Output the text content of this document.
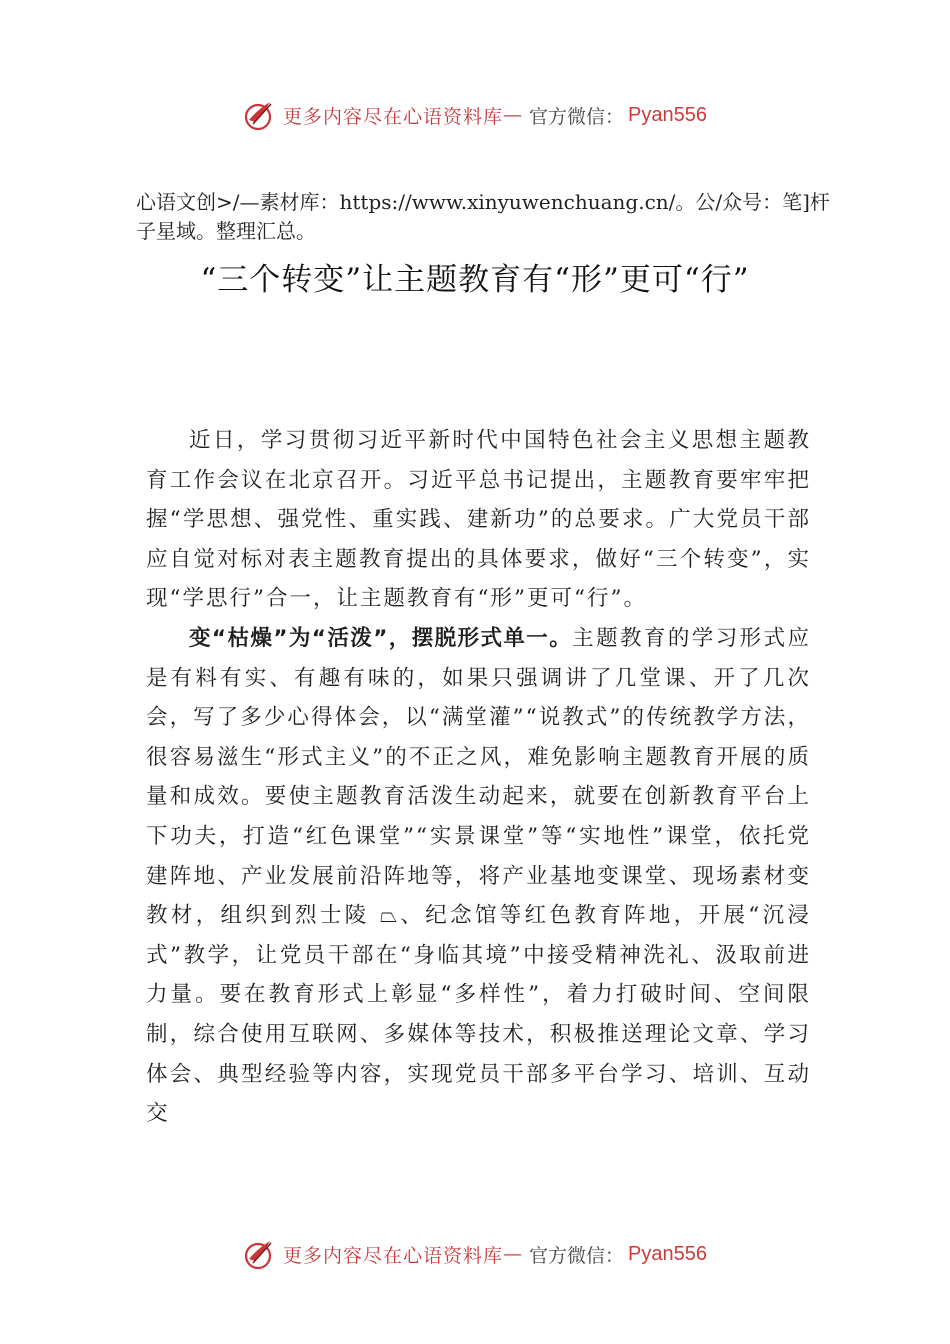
更多内容尽在心语资料库 — 官方微信： Pyan556
心语文创>/—素材库：https://www.xinyuwenchuang.cn/。公/众号：笔]杆子星域。整理汇总。
“三个转变”让主题教育有“形”更可“行”

近日，学习贯彻习近平新时代中国特色社会主义思想主题教育工作会议在北京召开。习近平总书记提出，主题教育要牢牢把握“学思想、强党性、重实践、建新功”的总要求。广大党员干部应自觉对标对表主题教育提出的具体要求，做好“三个转变”，实现“学思行”合一，让主题教育有“形”更可“行”。

变“枯燥”为“活泼”，摆脱形式单一。主题教育的学习形式应是有料有实、有趣有味的，如果只强调讲了几堂课、开了几次会，写了多少心得体会，以“满堂灌”“说教式”的传统教学方法，很容易滋生“形式主义”的不正之风，难免影响主题教育开展的质量和成效。要使主题教育活泼生动起来，就要在创新教育平台上下功夫，打造“红色课堂”“实景课堂”等“实地性”课堂，依托党建阵地、产业发展前沿阵地等，将产业基地变课堂、现场素材变教材，组织到烈士陵​ ⏢、纪念馆等红色教育阵地，开展“沉浸式”教学，让党员干部在“身临其境”中接受精神洗礼、汲取前进力量。要在教育形式上彰显“多样性”，着力打破时间、空间限制，综合使用互联网、多媒体等技术，积极推送理论文章、学习体会、典型经验等内容，实现党员干部多平台学习、培训、互动交

更多内容尽在心语资料库 — 官方微信： Pyan556
